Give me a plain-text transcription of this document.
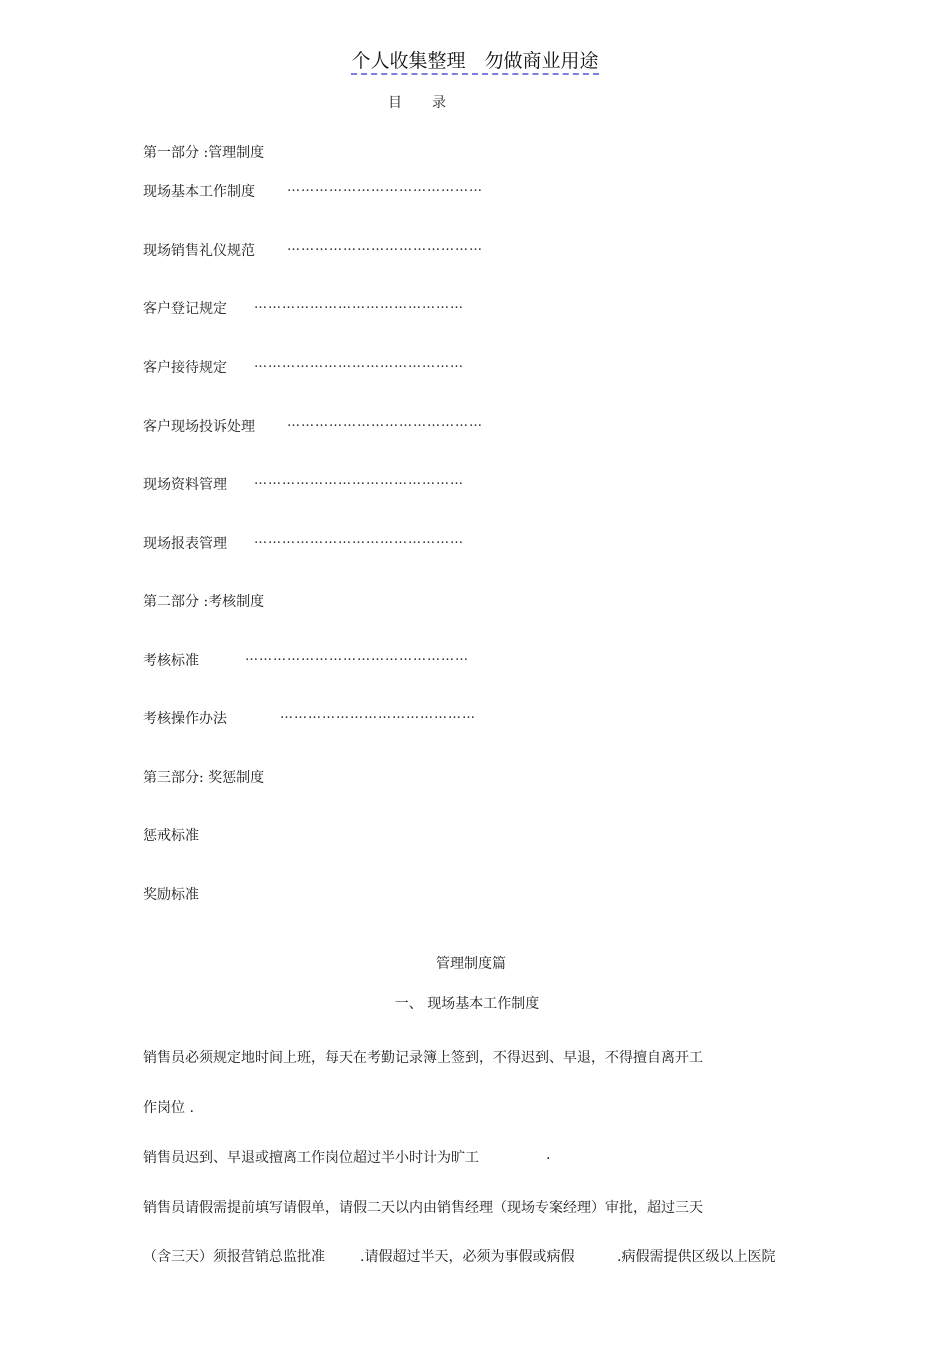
个人收集整理　勿做商业用途
目录
第一部分 :管理制度
现场基本工作制度 ……………………………………
现场销售礼仪规范 ……………………………………
客户登记规定 ………………………………………
客户接待规定 ………………………………………
客户现场投诉处理 ……………………………………
现场资料管理 ………………………………………
现场报表管理 ………………………………………
第二部分 :考核制度
考核标准	…………………………………………
考核操作办法	……………………………………
第三部分: 奖惩制度
惩戒标准
奖励标准
管理制度篇
一、 现场基本工作制度
销售员必须规定地时间上班，每天在考勤记录簿上签到，不得迟到、早退，不得擅自离开工
作岗位 .
销售员迟到、早退或擅离工作岗位超过半小时计为旷工	.
销售员请假需提前填写请假单，请假二天以内由销售经理（现场专案经理）审批，超过三天
（含三天）须报营销总监批准	.请假超过半天，必须为事假或病假	.病假需提供区级以上医院
